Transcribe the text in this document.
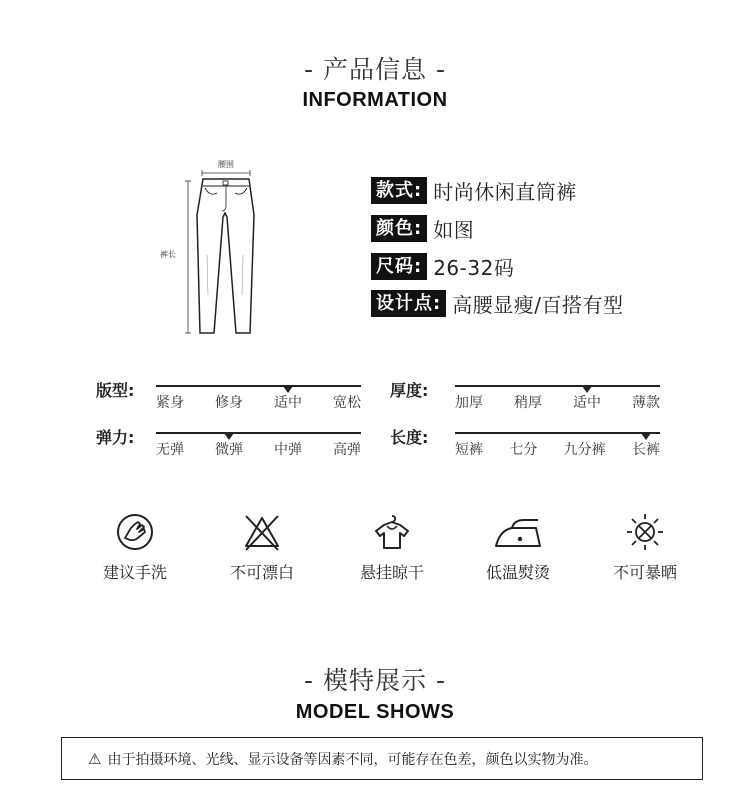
- 产品信息 -
INFORMATION
腰围
裤长
款式: 时尚休闲直筒裤
颜色: 如图
尺码: 26-32码
设计点: 高腰显瘦/百搭有型
版型:
紧身 修身 适中 宽松
厚度:
加厚 稍厚 适中 薄款
弹力:
无弹 微弹 中弹 高弹
长度:
短裤 七分 九分裤 长裤
建议手洗	不可漂白	悬挂晾干	低温熨烫	不可暴晒
- 模特展示 -
MODEL SHOWS
⚠ 由于拍摄环境、光线、显示设备等因素不同，可能存在色差，颜色以实物为准。
